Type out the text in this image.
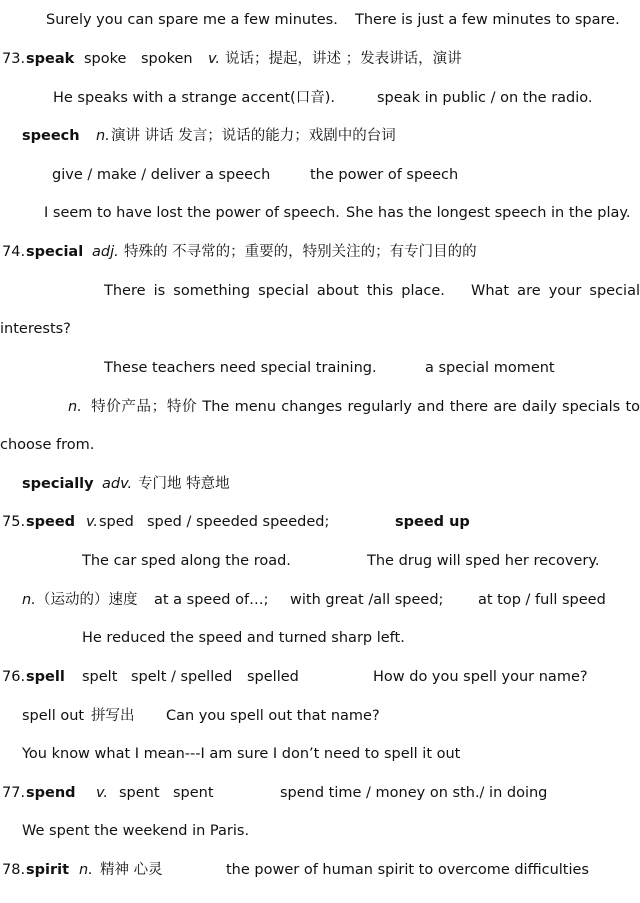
Surely you can spare me a few minutes. There is just a few minutes to spare.
73. speak spoke spoken v. 说话；提起，讲述 ；发表讲话，演讲
He speaks with a strange accent(口音).	speak in public / on the radio.
speech n. 演讲 讲话 发言；说话的能力；戏剧中的台词
give / make / deliver a speech	the power of speech
I seem to have lost the power of speech. She has the longest speech in the play.
74. special adj. 特殊的 不寻常的；重要的，特别关注的；有专门目的的
There is something special about this place. What are your special
interests?
These teachers need special training.	a special moment
n. 特价产品；特价 The menu changes regularly and there are daily specials to
choose from.
specially adv. 专门地 特意地
75. speed v. sped sped / speeded speeded;	speed up
The car sped along the road.	The drug will sped her recovery.
n. （运动的）速度 at a speed of…; with great /all speed; at top / full speed
He reduced the speed and turned sharp left.
76. spell spelt spelt / spelled spelled	How do you spell your name?
spell out 拼写出 Can you spell out that name?
You know what I mean---I am sure I don’t need to spell it out
77. spend v. spent spent	spend time / money on sth./ in doing
We spent the weekend in Paris.
78. spirit n. 精神 心灵	the power of human spirit to overcome difficulties
